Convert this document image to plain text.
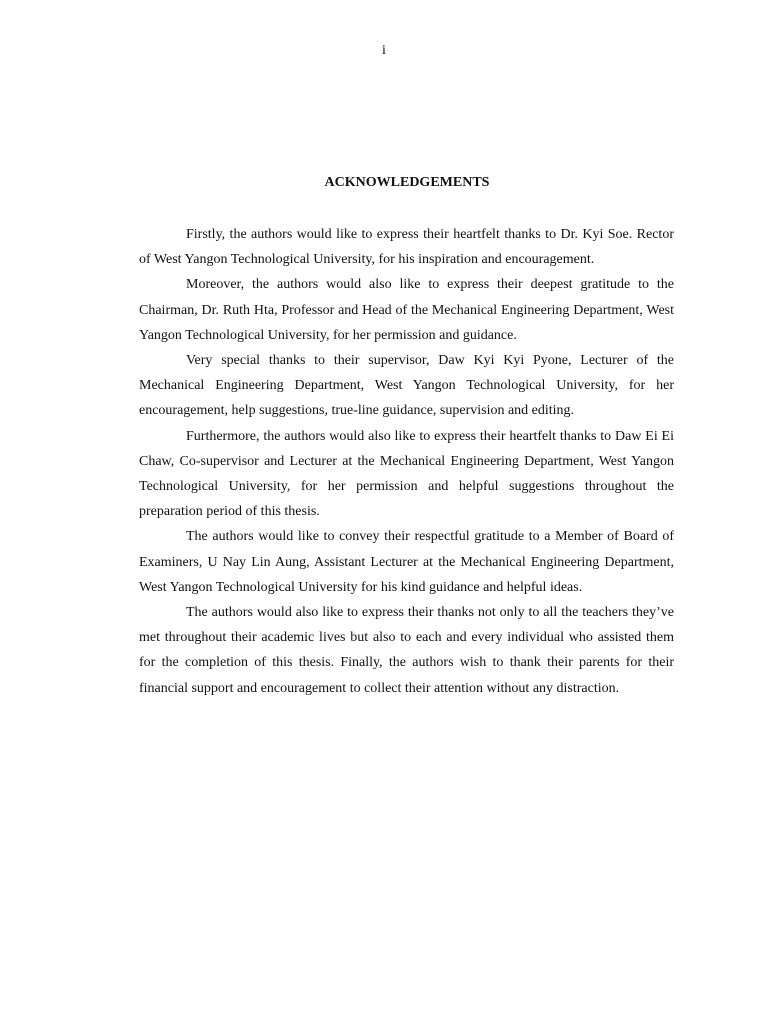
i
ACKNOWLEDGEMENTS

Firstly, the authors would like to express their heartfelt thanks to Dr. Kyi Soe. Rector of West Yangon Technological University, for his inspiration and encouragement.

Moreover, the authors would also like to express their deepest gratitude to the Chairman, Dr. Ruth Hta, Professor and Head of the Mechanical Engineering Department, West Yangon Technological University, for her permission and guidance.

Very special thanks to their supervisor, Daw Kyi Kyi Pyone, Lecturer of the Mechanical Engineering Department, West Yangon Technological University, for her encouragement, help suggestions, true-line guidance, supervision and editing.

Furthermore, the authors would also like to express their heartfelt thanks to Daw Ei Ei Chaw, Co-supervisor and Lecturer at the Mechanical Engineering Department, West Yangon Technological University, for her permission and helpful suggestions throughout the preparation period of this thesis.

The authors would like to convey their respectful gratitude to a Member of Board of Examiners, U Nay Lin Aung, Assistant Lecturer at the Mechanical Engineering Department, West Yangon Technological University for his kind guidance and helpful ideas.

The authors would also like to express their thanks not only to all the teachers they’ve met throughout their academic lives but also to each and every individual who assisted them for the completion of this thesis. Finally, the authors wish to thank their parents for their financial support and encouragement to collect their attention without any distraction.
